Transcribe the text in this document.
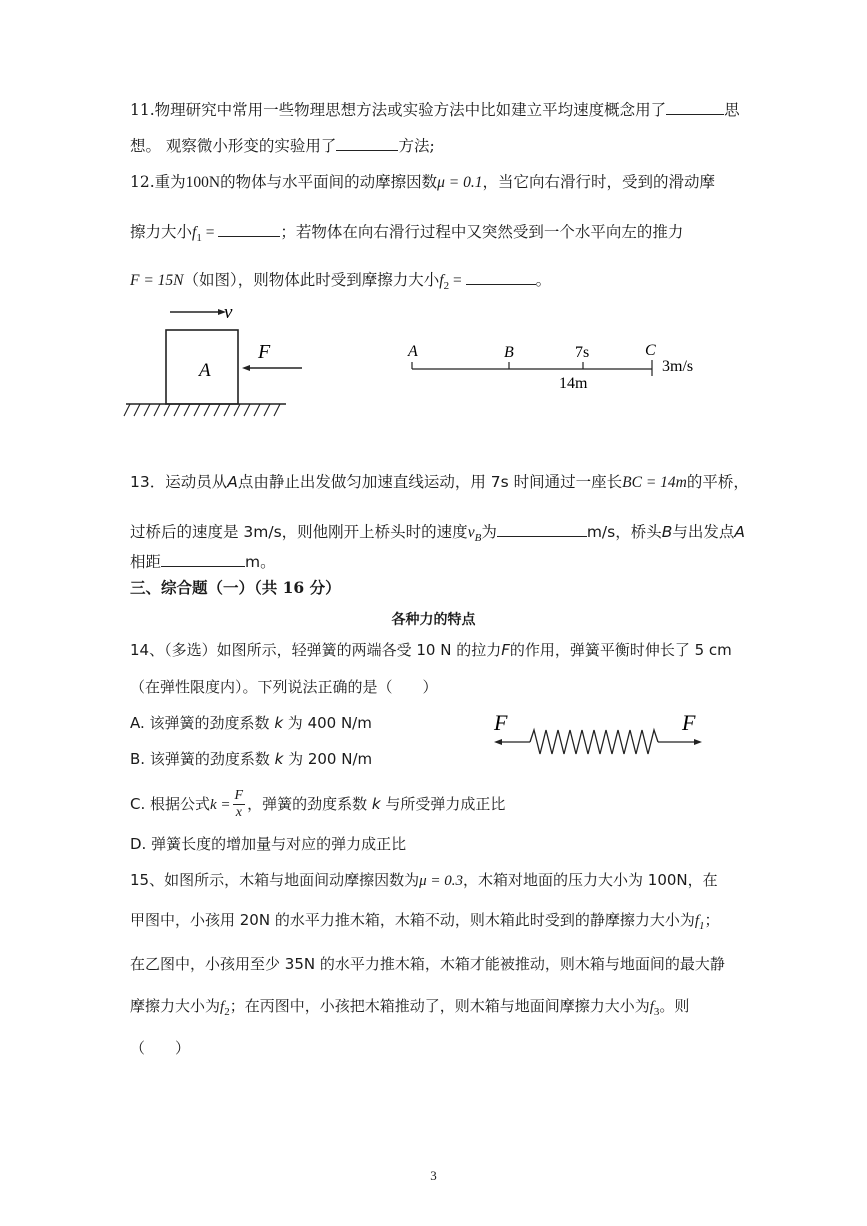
11.物理研究中常用一些物理思想方法或实验方法中比如建立平均速度概念用了	思
想。 观察微小形变的实验用了	方法;
12.重为100N的物体与水平面间的动摩擦因数μ = 0.1，当它向右滑行时，受到的滑动摩
擦力大小$f_1$ =	；若物体在向右滑行过程中又突然受到一个水平向左的推力
F = 15N（如图），则物体此时受到摩擦力大小$f_2$ =	。
v
A
F	A	B	7s	C
14m
3m/s
13．运动员从A点由静止出发做匀加速直线运动，用 7s 时间通过一座长BC = 14m的平桥，
过桥后的速度是 3m/s，则他刚开上桥头时的速度$v_B$为	m/s，桥头B与出发点A
相距	m。
三、综合题（一）（共 16 分）
各种力的特点
14、（多选）如图所示，轻弹簧的两端各受 10 N 的拉力F的作用，弹簧平衡时伸长了 5 cm
（在弹性限度内）。下列说法正确的是（　　）
A. 该弹簧的劲度系数 k 为 400 N/m
B. 该弹簧的劲度系数 k 为 200 N/m
C. 根据公式$k = \frac{F}{x}$ ，弹簧的劲度系数 k 与所受弹力成正比
D. 弹簧长度的增加量与对应的弹力成正比
F	F
15、如图所示，木箱与地面间动摩擦因数为μ = 0.3，木箱对地面的压力大小为 100N，在
甲图中，小孩用 20N 的水平力推木箱，木箱不动，则木箱此时受到的静摩擦力大小为$f_1$；
在乙图中，小孩用至少 35N 的水平力推木箱，木箱才能被推动，则木箱与地面间的最大静
摩擦力大小为$f_2$；在丙图中，小孩把木箱推动了，则木箱与地面间摩擦力大小为$f_3$。则
（　　）
3
